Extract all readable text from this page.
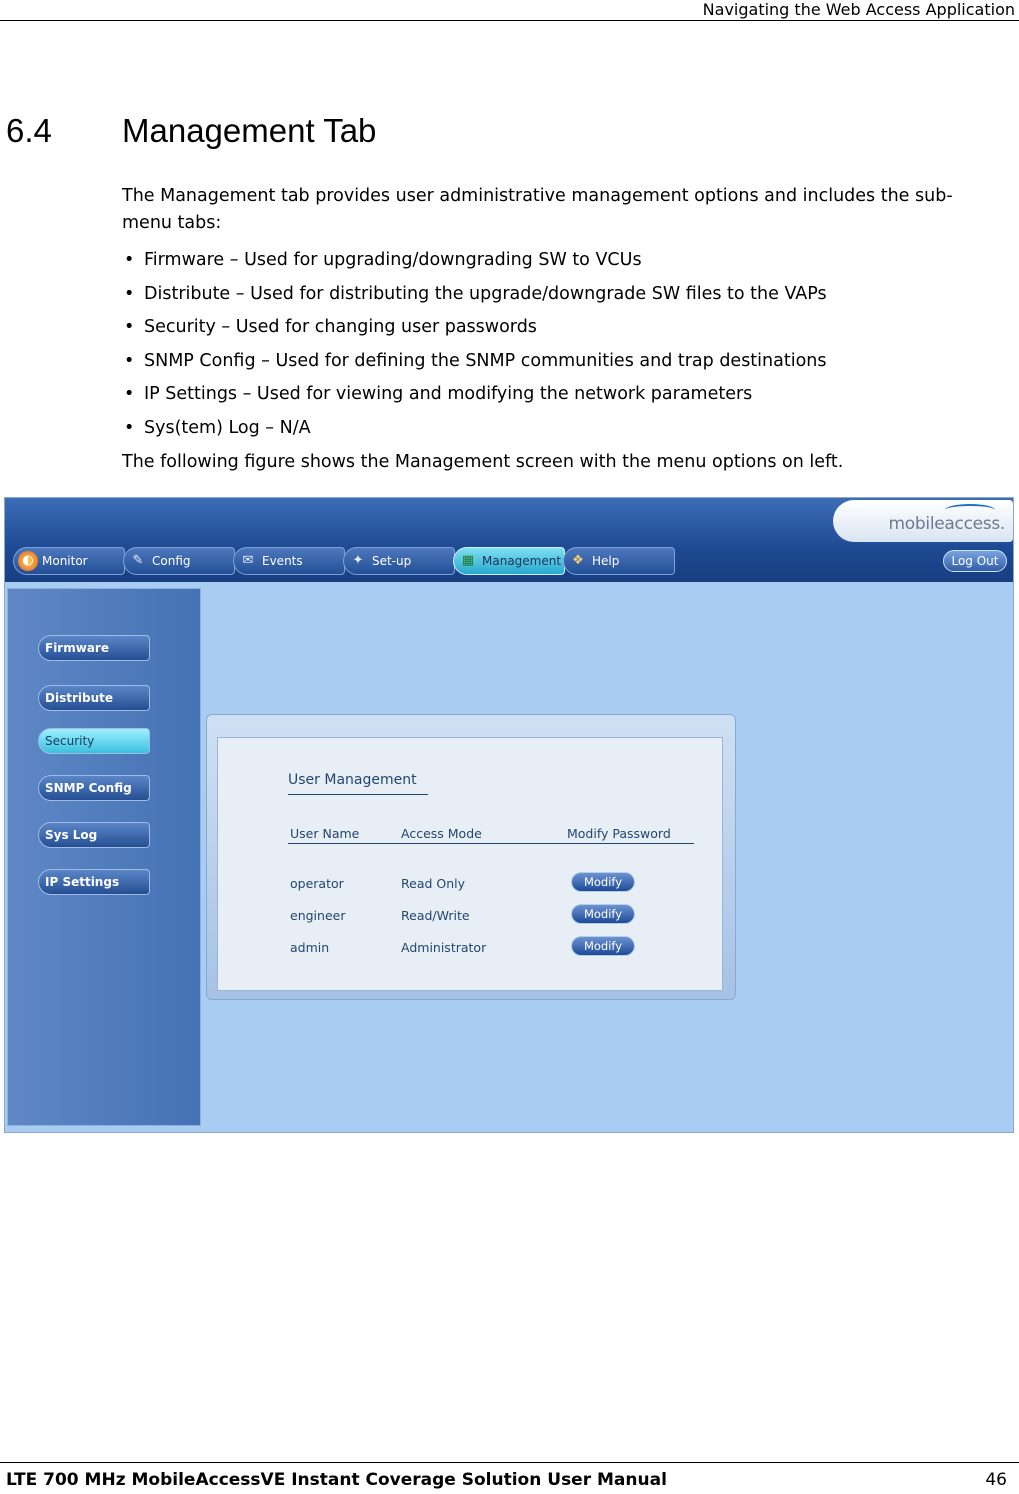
Navigating the Web Access Application
6.4 Management Tab
The Management tab provides user administrative management options and includes the sub-menu tabs:
• Firmware – Used for upgrading/downgrading SW to VCUs
• Distribute – Used for distributing the upgrade/downgrade SW files to the VAPs
• Security – Used for changing user passwords
• SNMP Config – Used for defining the SNMP communities and trap destinations
• IP Settings – Used for viewing and modifying the network parameters
• Sys(tem) Log – N/A
The following figure shows the Management screen with the menu options on left.
mobileaccess.
◐ Monitor	✎ Config	✉ Events	✦ Set-up	▦ Management ❖ Help	Log Out
Firmware
Distribute
Security
SNMP Config
Sys Log
IP Settings
User Management
User Name	Access Mode	Modify Password
operator	Read Only	Modify
engineer	Read/Write	Modify
admin	Administrator	Modify
LTE 700 MHz MobileAccessVE Instant Coverage Solution User Manual	46
